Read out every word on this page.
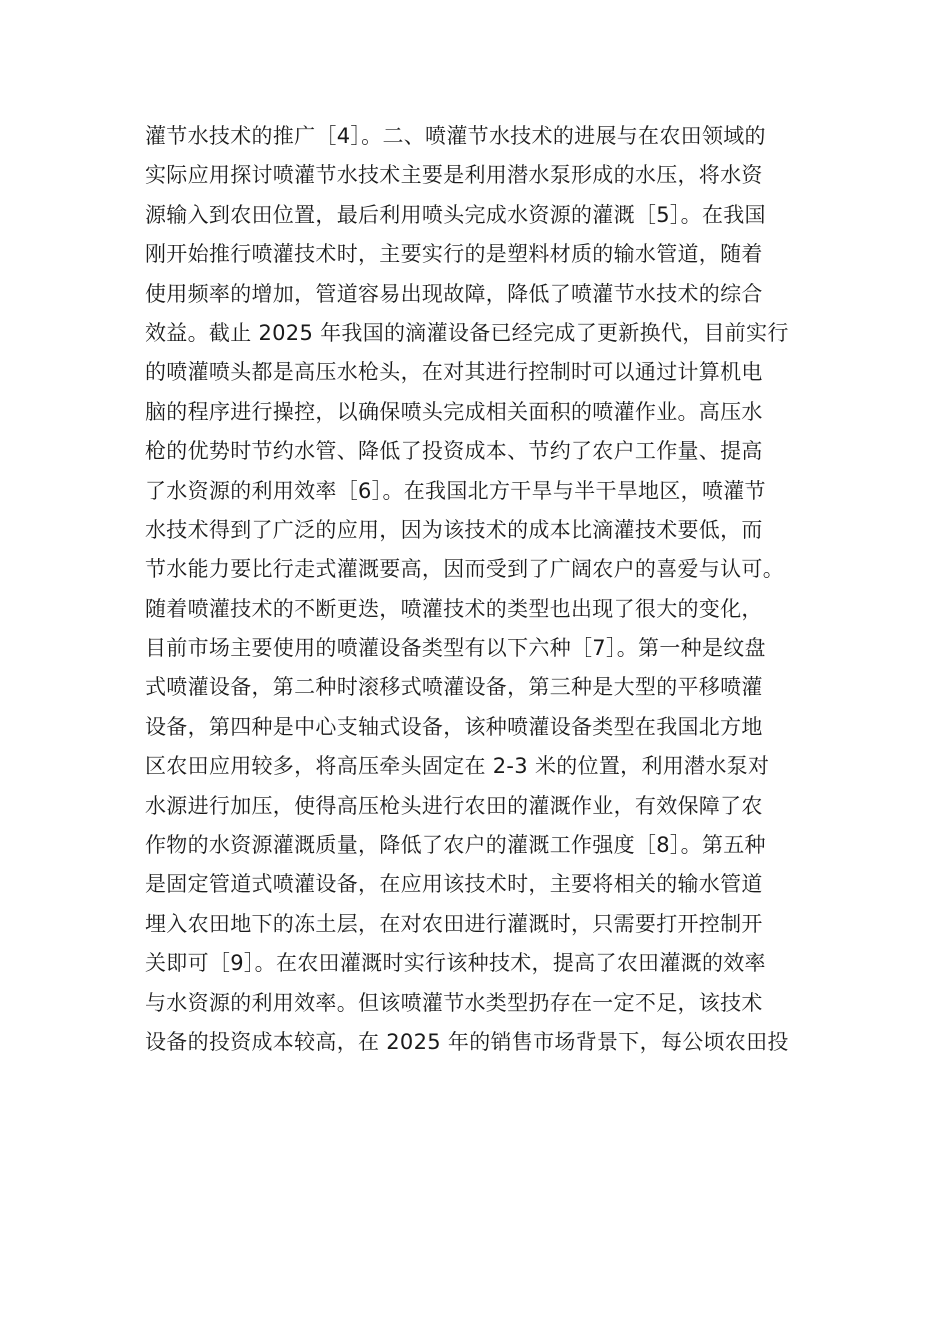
灌节水技术的推广［4］。二、喷灌节水技术的进展与在农田领域的
实际应用探讨喷灌节水技术主要是利用潜水泵形成的水压，将水资
源输入到农田位置，最后利用喷头完成水资源的灌溉［5］。在我国
刚开始推行喷灌技术时，主要实行的是塑料材质的输水管道，随着
使用频率的增加，管道容易出现故障，降低了喷灌节水技术的综合
效益。截止 2025 年我国的滴灌设备已经完成了更新换代，目前实行
的喷灌喷头都是高压水枪头，在对其进行控制时可以通过计算机电
脑的程序进行操控，以确保喷头完成相关面积的喷灌作业。高压水
枪的优势时节约水管、降低了投资成本、节约了农户工作量、提高
了水资源的利用效率［6］。在我国北方干旱与半干旱地区，喷灌节
水技术得到了广泛的应用，因为该技术的成本比滴灌技术要低，而
节水能力要比行走式灌溉要高，因而受到了广阔农户的喜爱与认可。
随着喷灌技术的不断更迭，喷灌技术的类型也出现了很大的变化，
目前市场主要使用的喷灌设备类型有以下六种［7］。第一种是纹盘
式喷灌设备，第二种时滚移式喷灌设备，第三种是大型的平移喷灌
设备，第四种是中心支轴式设备，该种喷灌设备类型在我国北方地
区农田应用较多，将高压牵头固定在 2-3 米的位置，利用潜水泵对
水源进行加压，使得高压枪头进行农田的灌溉作业，有效保障了农
作物的水资源灌溉质量，降低了农户的灌溉工作强度［8］。第五种
是固定管道式喷灌设备，在应用该技术时，主要将相关的输水管道
埋入农田地下的冻土层，在对农田进行灌溉时，只需要打开控制开
关即可［9］。在农田灌溉时实行该种技术，提高了农田灌溉的效率
与水资源的利用效率。但该喷灌节水类型扔存在一定不足，该技术
设备的投资成本较高，在 2025 年的销售市场背景下，每公顷农田投
